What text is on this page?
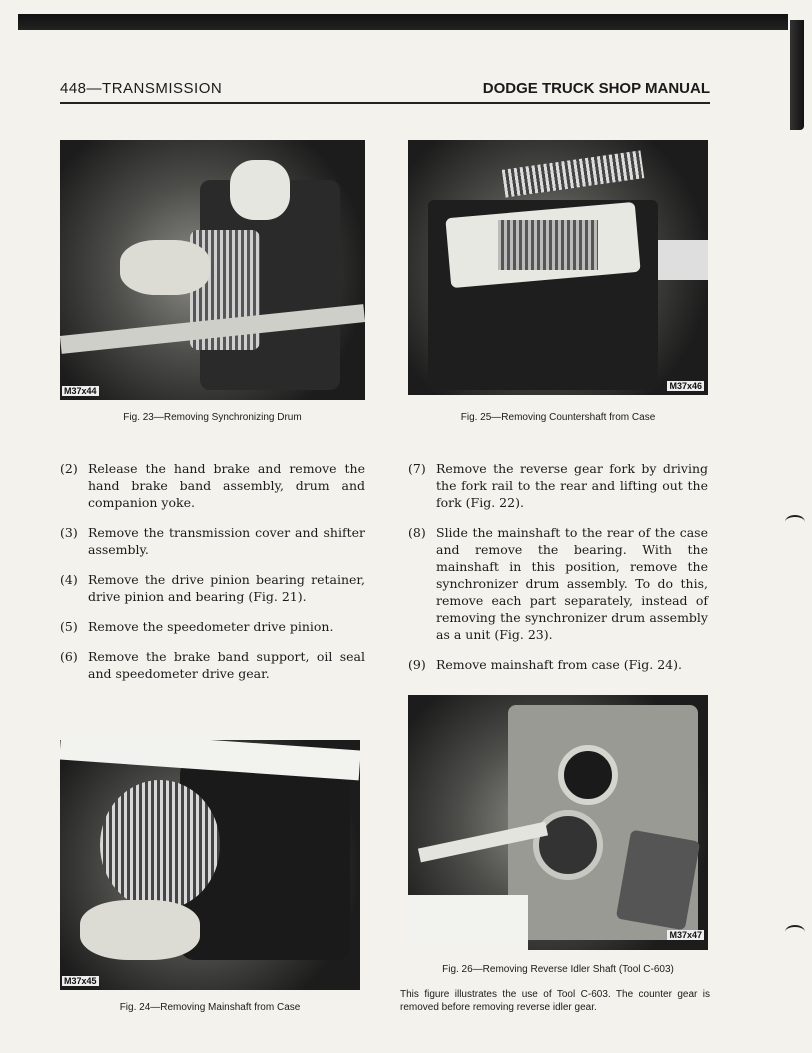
448—TRANSMISSION	DODGE TRUCK SHOP MANUAL
M37x44
Fig. 23—Removing Synchronizing Drum
M37x46
Fig. 25—Removing Countershaft from Case
(2) Release the hand brake and remove the hand brake band assembly, drum and companion yoke.
(3) Remove the transmission cover and shifter assembly.
(4) Remove the drive pinion bearing retainer, drive pinion and bearing (Fig. 21).
(5) Remove the speedometer drive pinion.
(6) Remove the brake band support, oil seal and speedometer drive gear.
(7) Remove the reverse gear fork by driving the fork rail to the rear and lifting out the fork (Fig. 22).
(8) Slide the mainshaft to the rear of the case and remove the bearing. With the mainshaft in this position, remove the synchronizer drum assembly. To do this, remove each part separately, instead of removing the synchronizer drum assembly as a unit (Fig. 23).
(9) Remove mainshaft from case (Fig. 24).
M37x45
Fig. 24—Removing Mainshaft from Case
M37x47
Fig. 26—Removing Reverse Idler Shaft (Tool C-603)
This figure illustrates the use of Tool C-603. The counter gear is removed before removing reverse idler gear.
